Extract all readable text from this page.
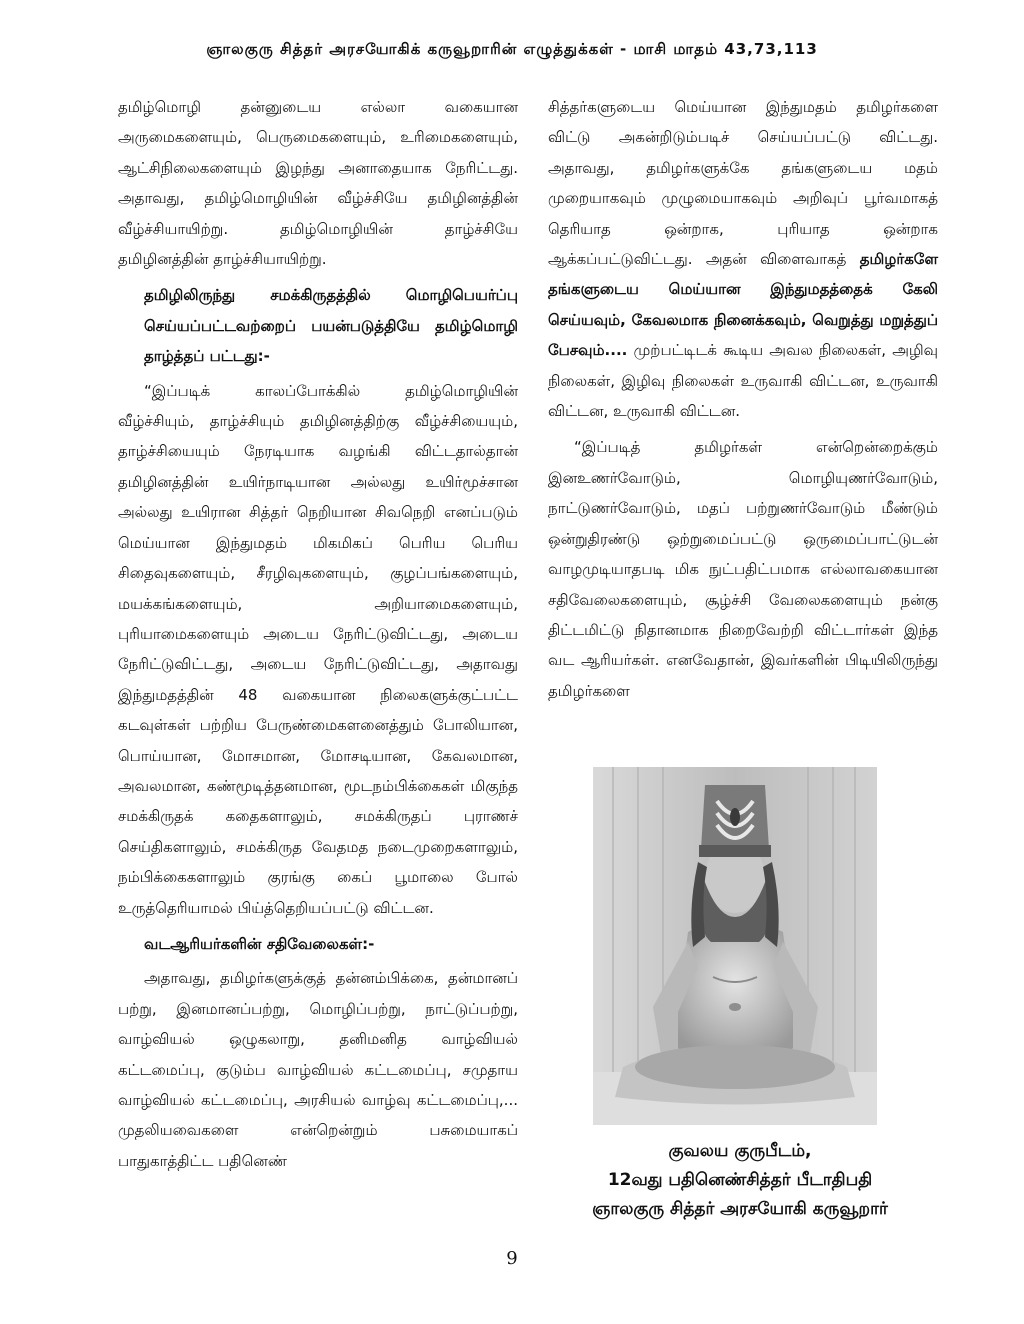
ஞாலகுரு சித்தர் அரசயோகிக் கருவூறாரின் எழுத்துக்கள் - மாசி மாதம் 43,73,113

தமிழ்மொழி தன்னுடைய எல்லா வகையான அருமைகளையும், பெருமைகளையும், உரிமைகளையும், ஆட்சிநிலைகளையும் இழந்து அனாதையாக நேரிட்டது. அதாவது, தமிழ்மொழியின் வீழ்ச்சியே தமிழினத்தின் வீழ்ச்சியாயிற்று. தமிழ்மொழியின் தாழ்ச்சியே தமிழினத்தின் தாழ்ச்சியாயிற்று.

தமிழிலிருந்து சமக்கிருதத்தில் மொழிபெயர்ப்பு செய்யப்பட்டவற்றைப் பயன்படுத்தியே தமிழ்மொழி தாழ்த்தப் பட்டது:-

“இப்படிக் காலப்போக்கில் தமிழ்மொழியின் வீழ்ச்சியும், தாழ்ச்சியும் தமிழினத்திற்கு வீழ்ச்சியையும், தாழ்ச்சியையும் நேரடியாக வழங்கி விட்டதால்தான் தமிழினத்தின் உயிர்நாடியான அல்லது உயிர்மூச்சான அல்லது உயிரான சித்தர் நெறியான சிவநெறி எனப்படும் மெய்யான இந்துமதம் மிகமிகப் பெரிய பெரிய சிதைவுகளையும், சீரழிவுகளையும், குழப்பங்களையும், மயக்கங்களையும், அறியாமைகளையும், புரியாமைகளையும் அடைய நேரிட்டுவிட்டது, அடைய நேரிட்டுவிட்டது, அடைய நேரிட்டுவிட்டது, அதாவது இந்துமதத்தின் 48 வகையான நிலைகளுக்குட்பட்ட கடவுள்கள் பற்றிய பேருண்மைகளனைத்தும் போலியான, பொய்யான, மோசமான, மோசடியான, கேவலமான, அவலமான, கண்மூடித்தனமான, மூடநம்பிக்கைகள் மிகுந்த சமக்கிருதக் கதைகளாலும், சமக்கிருதப் புராணச் செய்திகளாலும், சமக்கிருத வேதமத நடைமுறைகளாலும், நம்பிக்கைகளாலும் குரங்கு கைப் பூமாலை போல் உருத்தெரியாமல் பிய்த்தெறியப்பட்டு விட்டன.

வடஆரியர்களின் சதிவேலைகள்:-

அதாவது, தமிழர்களுக்குத் தன்னம்பிக்கை, தன்மானப் பற்று, இனமானப்பற்று, மொழிப்பற்று, நாட்டுப்பற்று, வாழ்வியல் ஒழுகலாறு, தனிமனித வாழ்வியல் கட்டமைப்பு, குடும்ப வாழ்வியல் கட்டமைப்பு, சமுதாய வாழ்வியல் கட்டமைப்பு, அரசியல் வாழ்வு கட்டமைப்பு,... முதலியவைகளை என்றென்றும் பசுமையாகப் பாதுகாத்திட்ட பதினெண்

சித்தர்களுடைய மெய்யான இந்துமதம் தமிழர்களை விட்டு அகன்றிடும்படிச் செய்யப்பட்டு விட்டது. அதாவது, தமிழர்களுக்கே தங்களுடைய மதம் முறையாகவும் முழுமையாகவும் அறிவுப் பூர்வமாகத் தெரியாத ஒன்றாக, புரியாத ஒன்றாக ஆக்கப்பட்டுவிட்டது. அதன் விளைவாகத் தமிழர்களே தங்களுடைய மெய்யான இந்துமதத்தைக் கேலி செய்யவும், கேவலமாக நினைக்கவும், வெறுத்து மறுத்துப் பேசவும்.... முற்பட்டிடக் கூடிய அவல நிலைகள், அழிவு நிலைகள், இழிவு நிலைகள் உருவாகி விட்டன, உருவாகி விட்டன, உருவாகி விட்டன.

“இப்படித் தமிழர்கள் என்றென்றைக்கும் இனஉணர்வோடும், மொழியுணர்வோடும், நாட்டுணர்வோடும், மதப் பற்றுணர்வோடும் மீண்டும் ஒன்றுதிரண்டு ஒற்றுமைப்பட்டு ஒருமைப்பாட்டுடன் வாழமுடியாதபடி மிக நுட்பதிட்பமாக எல்லாவகையான சதிவேலைகளையும், சூழ்ச்சி வேலைகளையும் நன்கு திட்டமிட்டு நிதானமாக நிறைவேற்றி விட்டார்கள் இந்த வட ஆரியர்கள். எனவேதான், இவர்களின் பிடியிலிருந்து தமிழர்களை

குவலய குருபீடம்,
12வது பதினெண்சித்தர் பீடாதிபதி
ஞாலகுரு சித்தர் அரசயோகி கருவூறார்
9
